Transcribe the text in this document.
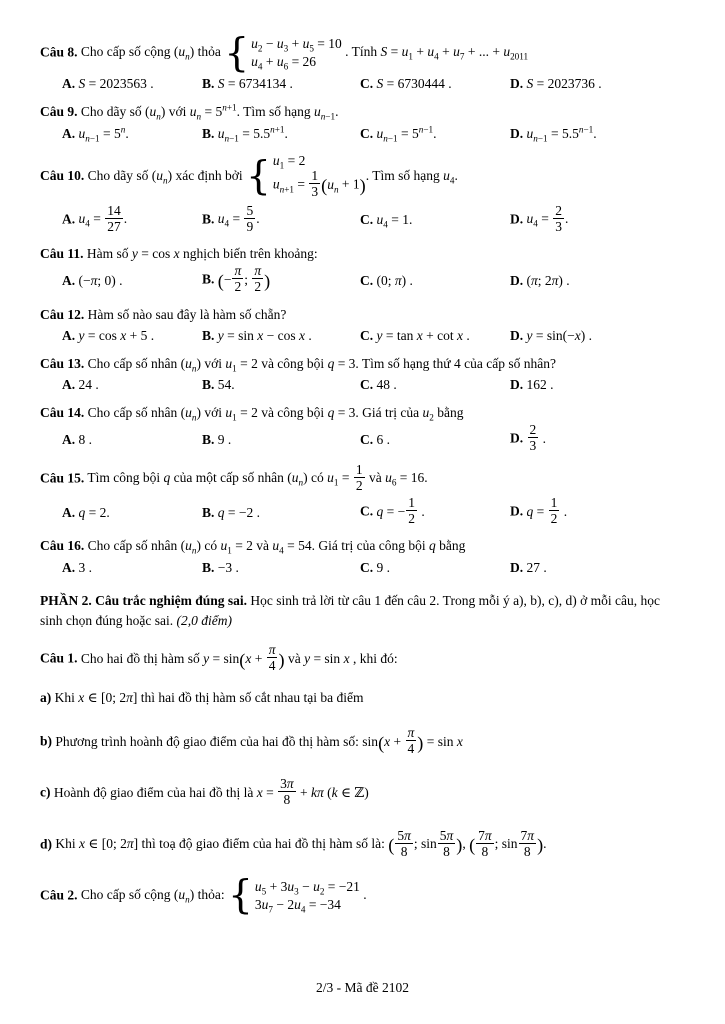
Câu 8. Cho cấp số cộng $(u_n)$ thỏa { $u_2 - u_3 + u_5 = 10$
$u_4 + u_6 = 26$
. Tính $S = u_1 + u_4 + u_7$ + ... + $u_{2011}$

A. S = 2023563 .	B. S = 6734134 .	C. S = 6730444 .	D. S = 2023736 .

Câu 9. Cho dãy số $(u_n)$ với $u_n = 5^{n+1}$. Tìm số hạng $u_{n-1}$.

A. $u_{n-1} = 5^n$.	B. $u_{n-1} = 5.5^{n+1}$.	C. $u_{n-1} = 5^{n-1}$.	D. $u_{n-1} = 5.5^{n-1}$.

Câu 10. Cho dãy số $(u_n)$ xác định bởi { $u_1 = 2$
$u_{n+1} = \frac{1}{3} (u_n + 1)$
. Tìm số hạng $u_4$.

A. $u_4 = \frac{14}{27}$ .	B. $u_4 = \frac{5}{9}$ .	C. $u_4 = 1$.	D. $u_4 = \frac{2}{3}$ .

Câu 11. Hàm số y = cos x nghịch biến trên khoảng:

A. (−π; 0) .	B. (− $\frac{\pi}{2}$ ; $\frac{\pi}{2}$ )	C. (0; π) .	D. (π; 2π) .

Câu 12. Hàm số nào sau đây là hàm số chẵn?

A. y = cos x + 5 .	B. y = sin x − cos x .	C. y = tan x + cot x .	D. y = sin(−x) .

Câu 13. Cho cấp số nhân $(u_n)$ với $u_1 = 2$ và công bội q = 3. Tìm số hạng thứ 4 của cấp số nhân?

A. 24 .	B. 54.	C. 48 .	D. 162 .

Câu 14. Cho cấp số nhân $(u_n)$ với $u_1 = 2$ và công bội q = 3. Giá trị của $u_2$ bằng

A. 8 .	B. 9 .	C. 6 .	D. $\frac{2}{3}$ .

Câu 15. Tìm công bội q của một cấp số nhân $(u_n)$ có $u_1 = \frac{1}{2}$ và $u_6 = 16$.

A. q = 2.	B. q = −2 .	C. q = − $\frac{1}{2}$ .	D. $q = \frac{1}{2}$ .

Câu 16. Cho cấp số nhân $(u_n)$ có $u_1 = 2$ và $u_4 = 54$. Giá trị của công bội q bằng

A. 3 .	B. −3 .	C. 9 .	D. 27 .

PHẦN 2. Câu trắc nghiệm đúng sai. Học sinh trả lời từ câu 1 đến câu 2. Trong mỗi ý a), b), c), d) ở mỗi câu, học sinh chọn đúng hoặc sai. (2,0 điểm)

Câu 1. Cho hai đồ thị hàm số $y = \sin(x + \frac{\pi}{4}$ ) và y = sin x , khi đó:

a) Khi x ∈ [0; 2π] thì hai đồ thị hàm số cắt nhau tại ba điểm

b) Phương trình hoành độ giao điểm của hai đồ thị hàm số: $\sin(x + \frac{\pi}{4}$ ) = sin x

c) Hoành độ giao điểm của hai đồ thị là $x = \frac{3\pi}{8} + k\pi$ (k ∈ ℤ)

d) Khi x ∈ [0; 2π] thì toạ độ giao điểm của hai đồ thị hàm số là: ( $\frac{5\pi}{8}$ ; $\sin \frac{5\pi}{8}$ ), ( $\frac{7\pi}{8}$ ; $\sin \frac{7\pi}{8}$ ).

Câu 2. Cho cấp số cộng $(u_n)$ thỏa: { $u_5 + 3u_3 - u_2 = -21$
$3u_7 - 2u_4 = -34$
.

2/3 - Mã đề 2102
